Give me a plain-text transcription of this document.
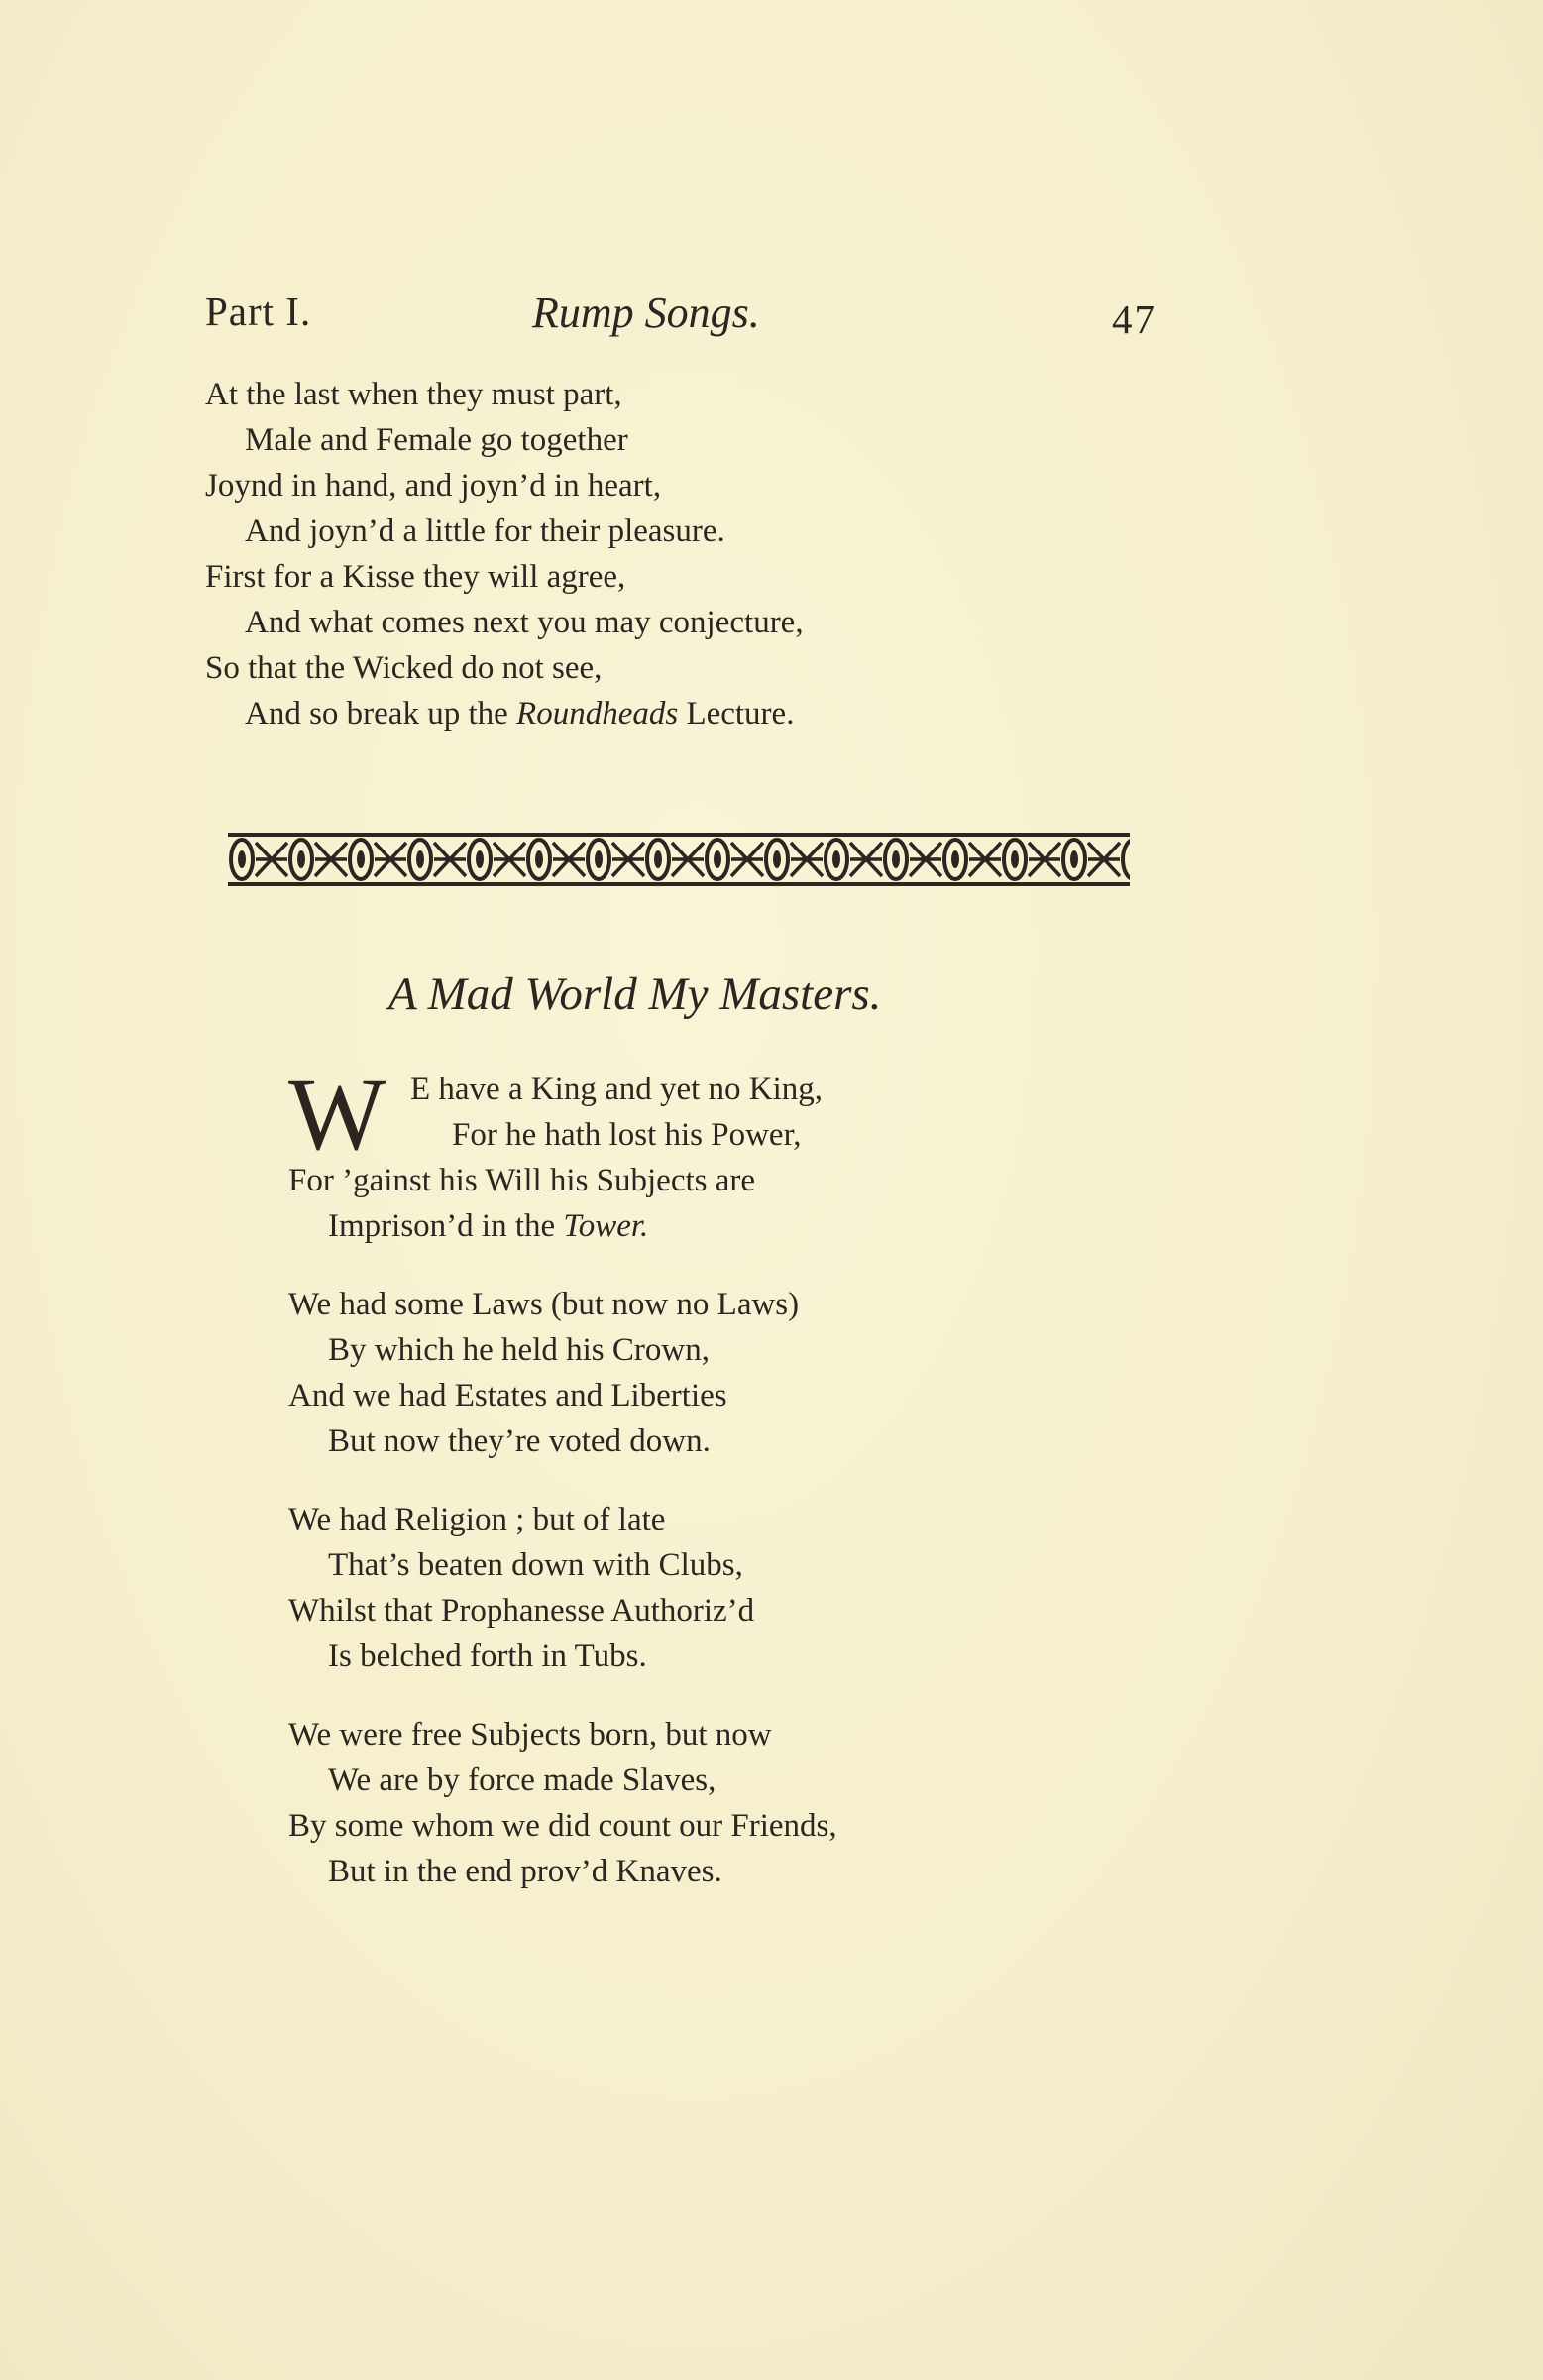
Part I.	Rump Songs.	47
At the last when they must part,
Male and Female go together
Joynd in hand, and joyn’d in heart,
And joyn’d a little for their pleasure.
First for a Kisse they will agree,
And what comes next you may conjecture,
So that the Wicked do not see,
And so break up the Roundheads Lecture.
A Mad World My Masters.
W E have a King and yet no King,
For he hath lost his Power,
For ’gainst his Will his Subjects are
Imprison’d in the Tower.
We had some Laws (but now no Laws)
By which he held his Crown,
And we had Estates and Liberties
But now they’re voted down.
We had Religion ; but of late
That’s beaten down with Clubs,
Whilst that Prophanesse Authoriz’d
Is belched forth in Tubs.
We were free Subjects born, but now
We are by force made Slaves,
By some whom we did count our Friends,
But in the end prov’d Knaves.
